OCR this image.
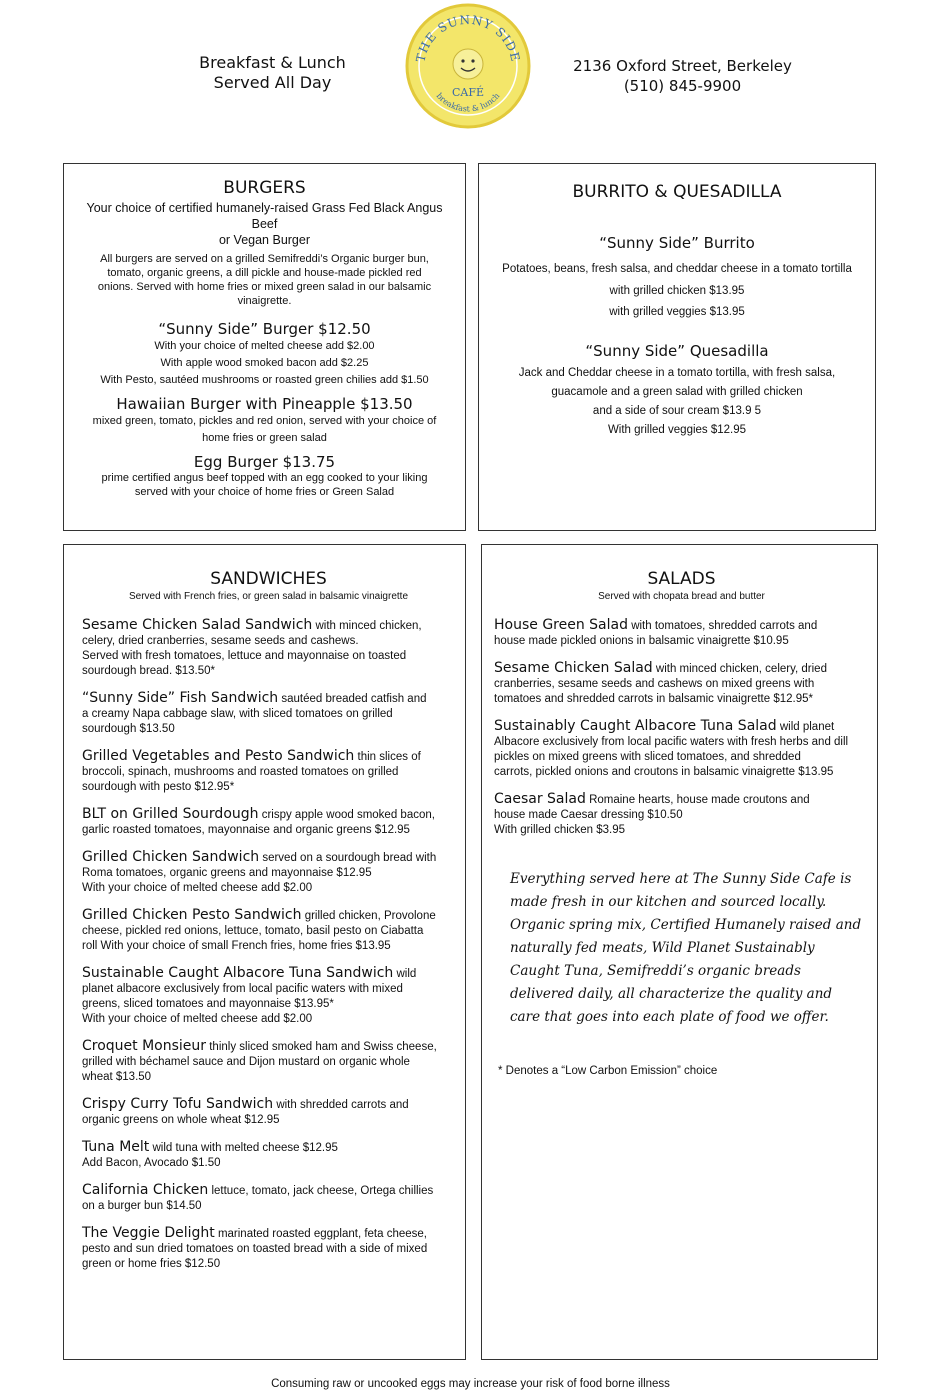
Breakfast & Lunch
Served All Day
THE SUNNY SIDE
CAFÉ
breakfast & lunch
2136 Oxford Street, Berkeley
(510) 845-9900

BURGERS

Your choice of certified humanely-raised Grass Fed Black Angus

Beef

or Vegan Burger

All burgers are served on a grilled Semifreddi’s Organic burger bun,

tomato, organic greens, a dill pickle and house-made pickled red

onions. Served with home fries or mixed green salad in our balsamic

vinaigrette.

“Sunny Side” Burger $12.50

With your choice of melted cheese add $2.00

With apple wood smoked bacon add $2.25

With Pesto, sautéed mushrooms or roasted green chilies add $1.50

Hawaiian Burger with Pineapple $13.50

mixed green, tomato, pickles and red onion, served with your choice of

home fries or green salad

Egg Burger $13.75

prime certified angus beef topped with an egg cooked to your liking

served with your choice of home fries or Green Salad

BURRITO & QUESADILLA

“Sunny Side” Burrito

Potatoes, beans, fresh salsa, and cheddar cheese in a tomato tortilla

with grilled chicken $13.95

with grilled veggies $13.95

“Sunny Side” Quesadilla

Jack and Cheddar cheese in a tomato tortilla, with fresh salsa,

guacamole and a green salad with grilled chicken

and a side of sour cream $13.9 5

With grilled veggies $12.95

SANDWICHES

Served with French fries, or green salad in balsamic vinaigrette

Sesame Chicken Salad Sandwich with minced chicken,
celery, dried cranberries, sesame seeds and cashews.
Served with fresh tomatoes, lettuce and mayonnaise on toasted
sourdough bread. $13.50*
“Sunny Side” Fish Sandwich sautéed breaded catfish and
a creamy Napa cabbage slaw, with sliced tomatoes on grilled
sourdough $13.50
Grilled Vegetables and Pesto Sandwich thin slices of
broccoli, spinach, mushrooms and roasted tomatoes on grilled
sourdough with pesto $12.95*
BLT on Grilled Sourdough crispy apple wood smoked bacon,
garlic roasted tomatoes, mayonnaise and organic greens $12.95
Grilled Chicken Sandwich served on a sourdough bread with
Roma tomatoes, organic greens and mayonnaise $12.95
With your choice of melted cheese add $2.00
Grilled Chicken Pesto Sandwich grilled chicken, Provolone
cheese, pickled red onions, lettuce, tomato, basil pesto on Ciabatta
roll With your choice of small French fries, home fries $13.95
Sustainable Caught Albacore Tuna Sandwich wild
planet albacore exclusively from local pacific waters with mixed
greens, sliced tomatoes and mayonnaise $13.95*
With your choice of melted cheese add $2.00
Croquet Monsieur thinly sliced smoked ham and Swiss cheese,
grilled with béchamel sauce and Dijon mustard on organic whole
wheat $13.50
Crispy Curry Tofu Sandwich with shredded carrots and
organic greens on whole wheat $12.95
Tuna Melt wild tuna with melted cheese $12.95
Add Bacon, Avocado $1.50
California Chicken lettuce, tomato, jack cheese, Ortega chillies
on a burger bun $14.50
The Veggie Delight marinated roasted eggplant, feta cheese,
pesto and sun dried tomatoes on toasted bread with a side of mixed
green or home fries $12.50

SALADS

Served with chopata bread and butter

House Green Salad with tomatoes, shredded carrots and
house made pickled onions in balsamic vinaigrette $10.95
Sesame Chicken Salad with minced chicken, celery, dried
cranberries, sesame seeds and cashews on mixed greens with
tomatoes and shredded carrots in balsamic vinaigrette $12.95*
Sustainably Caught Albacore Tuna Salad wild planet
Albacore exclusively from local pacific waters with fresh herbs and dill
pickles on mixed greens with sliced tomatoes, and shredded
carrots, pickled onions and croutons in balsamic vinaigrette $13.95
Caesar Salad Romaine hearts, house made croutons and
house made Caesar dressing $10.50
With grilled chicken $3.95
Everything served here at The Sunny Side Cafe is
made fresh in our kitchen and sourced locally.
Organic spring mix, Certified Humanely raised and
naturally fed meats, Wild Planet Sustainably
Caught Tuna, Semifreddi’s organic breads
delivered daily, all characterize the quality and
care that goes into each plate of food we offer.

* Denotes a “Low Carbon Emission” choice

Consuming raw or uncooked eggs may increase your risk of food borne illness
